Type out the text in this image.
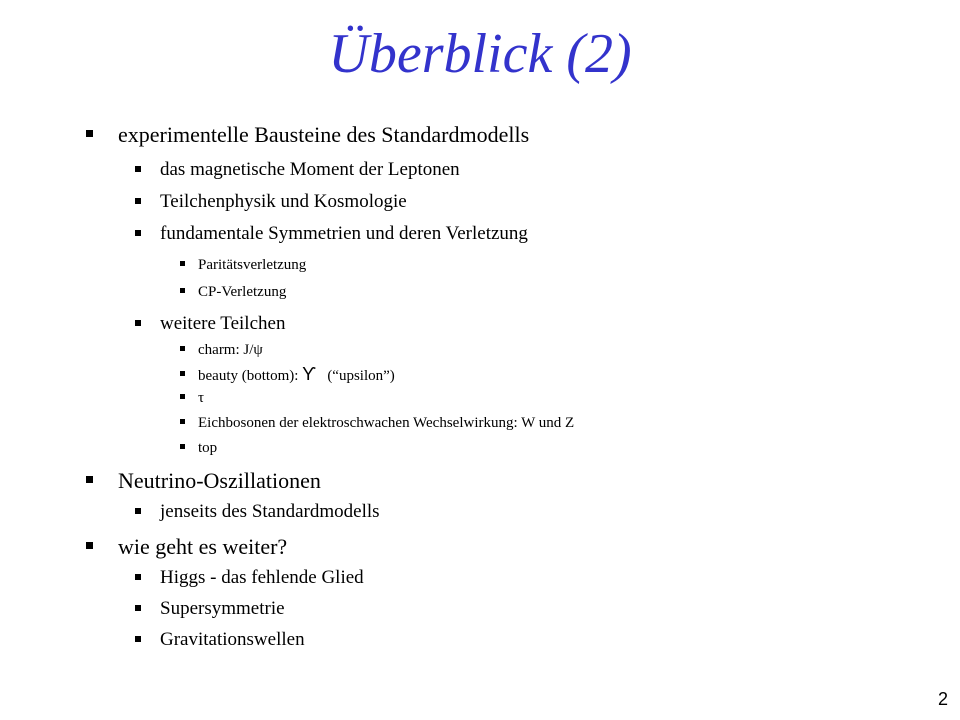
Überblick (2)
experimentelle Bausteine des Standardmodells
das magnetische Moment der Leptonen
Teilchenphysik und Kosmologie
fundamentale Symmetrien und deren Verletzung
Paritätsverletzung
CP-Verletzung
weitere Teilchen
charm: J/ψ
beauty (bottom): ϒ   (“upsilon”)
τ
Eichbosonen der elektroschwachen Wechselwirkung: W und Z
top
Neutrino-Oszillationen
jenseits des Standardmodells
wie geht es weiter?
Higgs - das fehlende Glied
Supersymmetrie
Gravitationswellen
2
